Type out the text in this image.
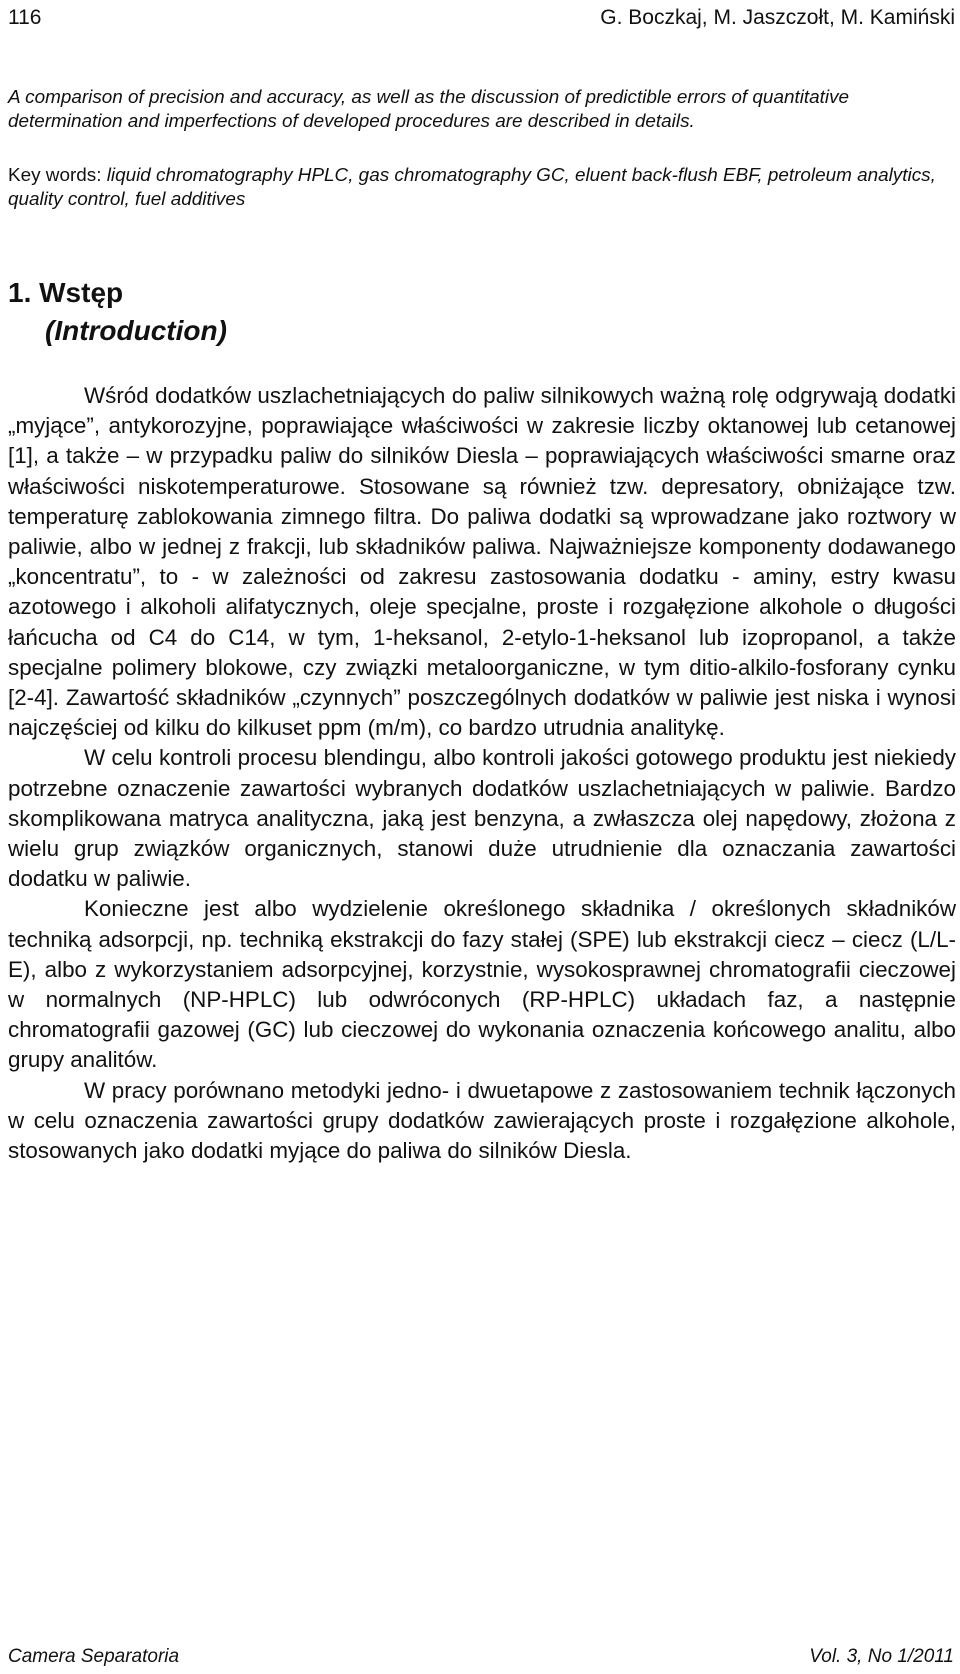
116	G. Boczkaj, M. Jaszczołt, M. Kamiński
A comparison of precision and accuracy, as well as the discussion of predictible errors of quantitative determination and imperfections of developed procedures are described in details.
Key words: liquid chromatography HPLC, gas chromatography GC, eluent back-flush EBF, petroleum analytics, quality control, fuel additives
1. Wstęp
(Introduction)

Wśród dodatków uszlachetniających do paliw silnikowych ważną rolę odgrywają dodatki „myjące”, antykorozyjne, poprawiające właściwości w zakresie liczby oktanowej lub cetanowej [1], a także – w przypadku paliw do silników Diesla – poprawiających właściwości smarne oraz właściwości niskotemperaturowe. Stosowane są również tzw. depresatory, obniżające tzw. temperaturę zablokowania zimnego filtra. Do paliwa dodatki są wprowadzane jako roztwory w paliwie, albo w jednej z frakcji, lub składników paliwa. Najważniejsze komponenty dodawanego „koncentratu”, to - w zależności od zakresu zastosowania dodatku - aminy, estry kwasu azotowego i alkoholi alifatycznych, oleje specjalne, proste i rozgałęzione alkohole o długości łańcucha od C4 do C14, w tym, 1-heksanol, 2-etylo-1-heksanol lub izopropanol, a także specjalne polimery blokowe, czy związki metaloorganiczne, w tym ditio-alkilo-fosforany cynku [2-4]. Zawartość składników „czynnych” poszczególnych dodatków w paliwie jest niska i wynosi najczęściej od kilku do kilkuset ppm (m/m), co bardzo utrudnia analitykę.

W celu kontroli procesu blendingu, albo kontroli jakości gotowego produktu jest niekiedy potrzebne oznaczenie zawartości wybranych dodatków uszlachetniających w paliwie. Bardzo skomplikowana matryca analityczna, jaką jest benzyna, a zwłaszcza olej napędowy, złożona z wielu grup związków organicznych, stanowi duże utrudnienie dla oznaczania zawartości dodatku w paliwie.

Konieczne jest albo wydzielenie określonego składnika / określonych składników techniką adsorpcji, np. techniką ekstrakcji do fazy stałej (SPE) lub ekstrakcji ciecz – ciecz (L/L-E), albo z wykorzystaniem adsorpcyjnej, korzystnie, wysokosprawnej chromatografii cieczowej w normalnych (NP-HPLC) lub odwróconych (RP-HPLC) układach faz, a następnie chromatografii gazowej (GC) lub cieczowej do wykonania oznaczenia końcowego analitu, albo grupy analitów.

W pracy porównano metodyki jedno- i dwuetapowe z zastosowaniem technik łączonych w celu oznaczenia zawartości grupy dodatków zawierających proste i rozgałęzione alkohole, stosowanych jako dodatki myjące do paliwa do silników Diesla.

Camera Separatoria	Vol. 3, No 1/2011
